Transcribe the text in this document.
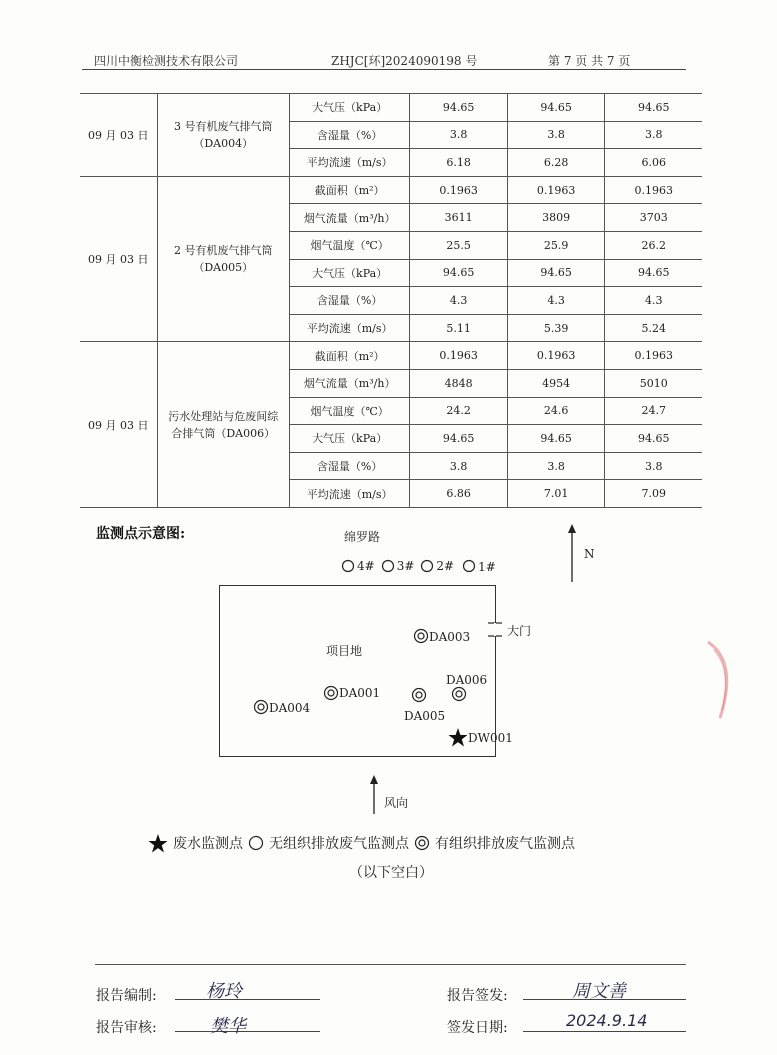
四川中衡检测技术有限公司	ZHJC[环]2024090198 号	第 7 页 共 7 页
09 月 03 日	3 号有机废气排气筒
（DA004）	大气压（kPa）	94.65	94.65	94.65
		含湿量（%）	3.8	3.8	3.8
		平均流速（m/s）	6.18	6.28	6.06
09 月 03 日	2 号有机废气排气筒
（DA005）	截面积（m²）	0.1963	0.1963	0.1963
		烟气流量（m³/h）	3611	3809	3703
		烟气温度（℃）	25.5	25.9	26.2
		大气压（kPa）	94.65	94.65	94.65
		含湿量（%）	4.3	4.3	4.3
		平均流速（m/s）	5.11	5.39	5.24
09 月 03 日	污水处理站与危废间综
合排气筒（DA006）	截面积（m²）	0.1963	0.1963	0.1963
		烟气流量（m³/h）	4848	4954	5010
		烟气温度（℃）	24.2	24.6	24.7
		大气压（kPa）	94.65	94.65	94.65
		含湿量（%）	3.8	3.8	3.8
		平均流速（m/s）	6.86	7.01	7.09
监测点示意图:	绵罗路
N
4# 3# 2# 1#
项目地
大门
DA003
DA001
DA004
DA005
DA006
DW001
风向
废水监测点 无组织排放废气监测点 有组织排放废气监测点
（以下空白）
报告编制:	杨玲
报告审核:	樊华
报告签发:	周文善
签发日期:	2024.9.14
